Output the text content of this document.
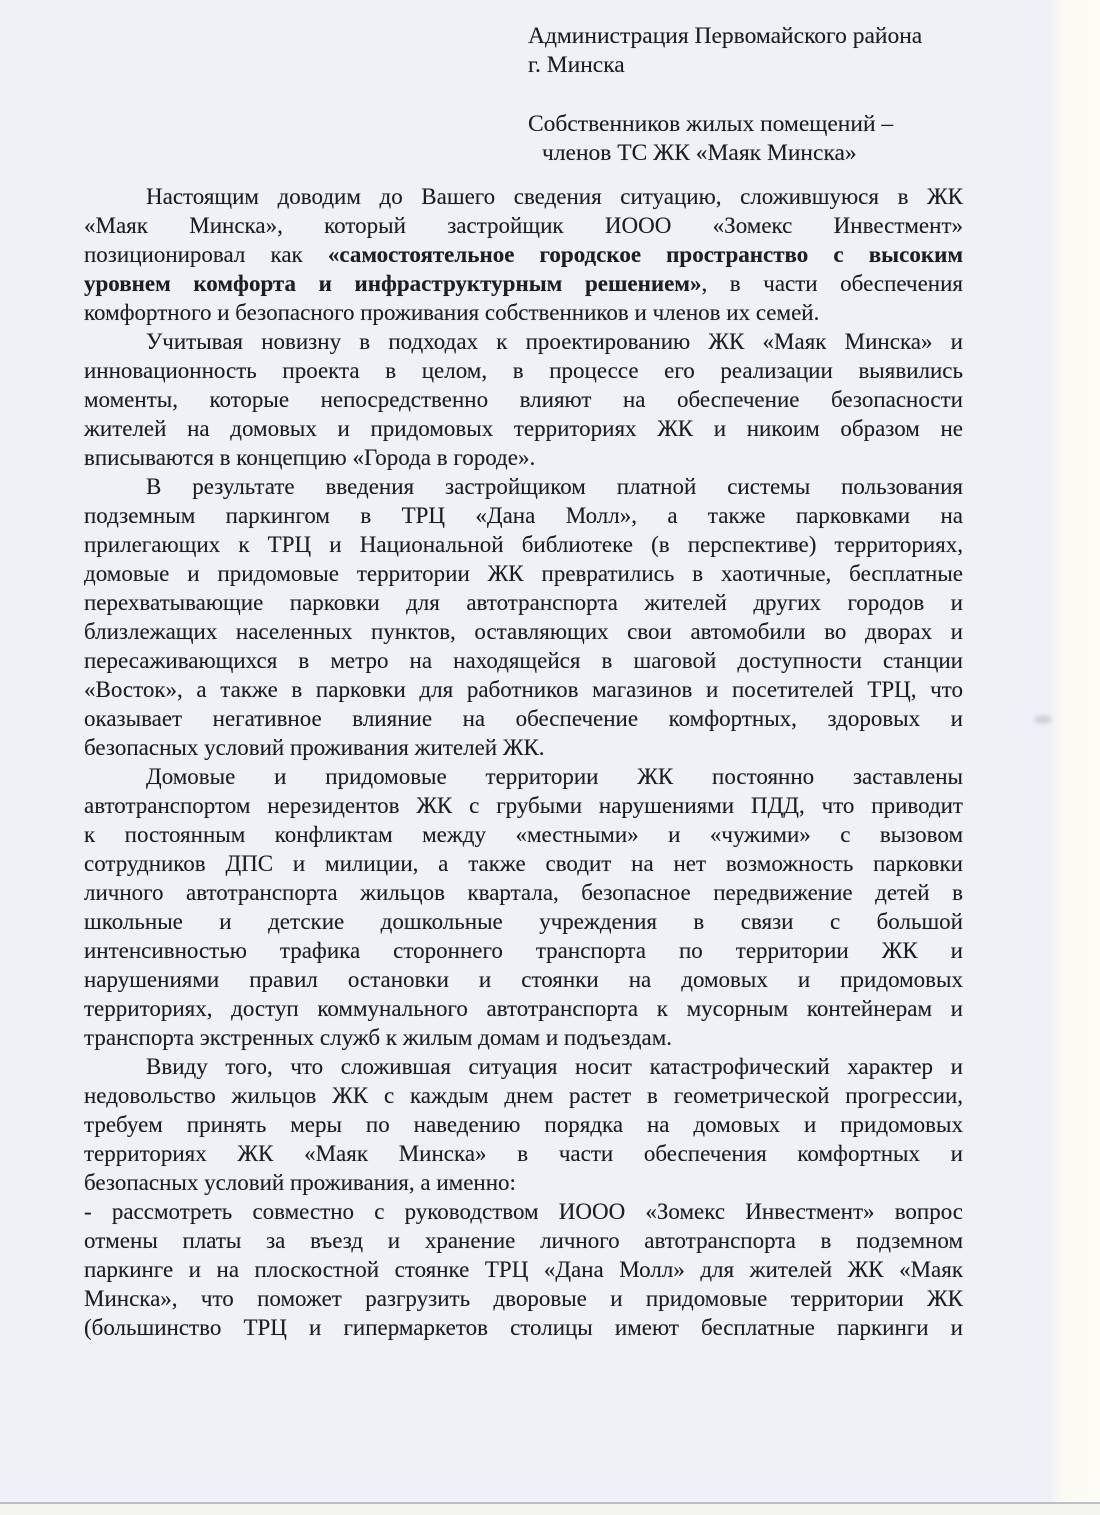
Администрация Первомайского района
г. Минска
Собственников жилых помещений –
членов ТС ЖК «Маяк Минска»
Настоящим доводим до Вашего сведения ситуацию, сложившуюся в ЖК
«Маяк Минска», который застройщик ИООО «Зомекс Инвестмент»
позиционировал как «самостоятельное городское пространство с высоким
уровнем комфорта и инфраструктурным решением», в части обеспечения
комфортного и безопасного проживания собственников и членов их семей.
Учитывая новизну в подходах к проектированию ЖК «Маяк Минска» и
инновационность проекта в целом, в процессе его реализации выявились
моменты, которые непосредственно влияют на обеспечение безопасности
жителей на домовых и придомовых территориях ЖК и никоим образом не
вписываются в концепцию «Города в городе».
В результате введения застройщиком платной системы пользования
подземным паркингом в ТРЦ «Дана Молл», а также парковками на
прилегающих к ТРЦ и Национальной библиотеке (в перспективе) территориях,
домовые и придомовые территории ЖК превратились в хаотичные, бесплатные
перехватывающие парковки для автотранспорта жителей других городов и
близлежащих населенных пунктов, оставляющих свои автомобили во дворах и
пересаживающихся в метро на находящейся в шаговой доступности станции
«Восток», а также в парковки для работников магазинов и посетителей ТРЦ, что
оказывает негативное влияние на обеспечение комфортных, здоровых и
безопасных условий проживания жителей ЖК.
Домовые и придомовые территории ЖК постоянно заставлены
автотранспортом нерезидентов ЖК с грубыми нарушениями ПДД, что приводит
к постоянным конфликтам между «местными» и «чужими» с вызовом
сотрудников ДПС и милиции, а также сводит на нет возможность парковки
личного автотранспорта жильцов квартала, безопасное передвижение детей в
школьные и детские дошкольные учреждения в связи с большой
интенсивностью трафика стороннего транспорта по территории ЖК и
нарушениями правил остановки и стоянки на домовых и придомовых
территориях, доступ коммунального автотранспорта к мусорным контейнерам и
транспорта экстренных служб к жилым домам и подъездам.
Ввиду того, что сложившая ситуация носит катастрофический характер и
недовольство жильцов ЖК с каждым днем растет в геометрической прогрессии,
требуем принять меры по наведению порядка на домовых и придомовых
территориях ЖК «Маяк Минска» в части обеспечения комфортных и
безопасных условий проживания, а именно:
- рассмотреть совместно с руководством ИООО «Зомекс Инвестмент» вопрос
отмены платы за въезд и хранение личного автотранспорта в подземном
паркинге и на плоскостной стоянке ТРЦ «Дана Молл» для жителей ЖК «Маяк
Минска», что поможет разгрузить дворовые и придомовые территории ЖК
(большинство ТРЦ и гипермаркетов столицы имеют бесплатные паркинги и
